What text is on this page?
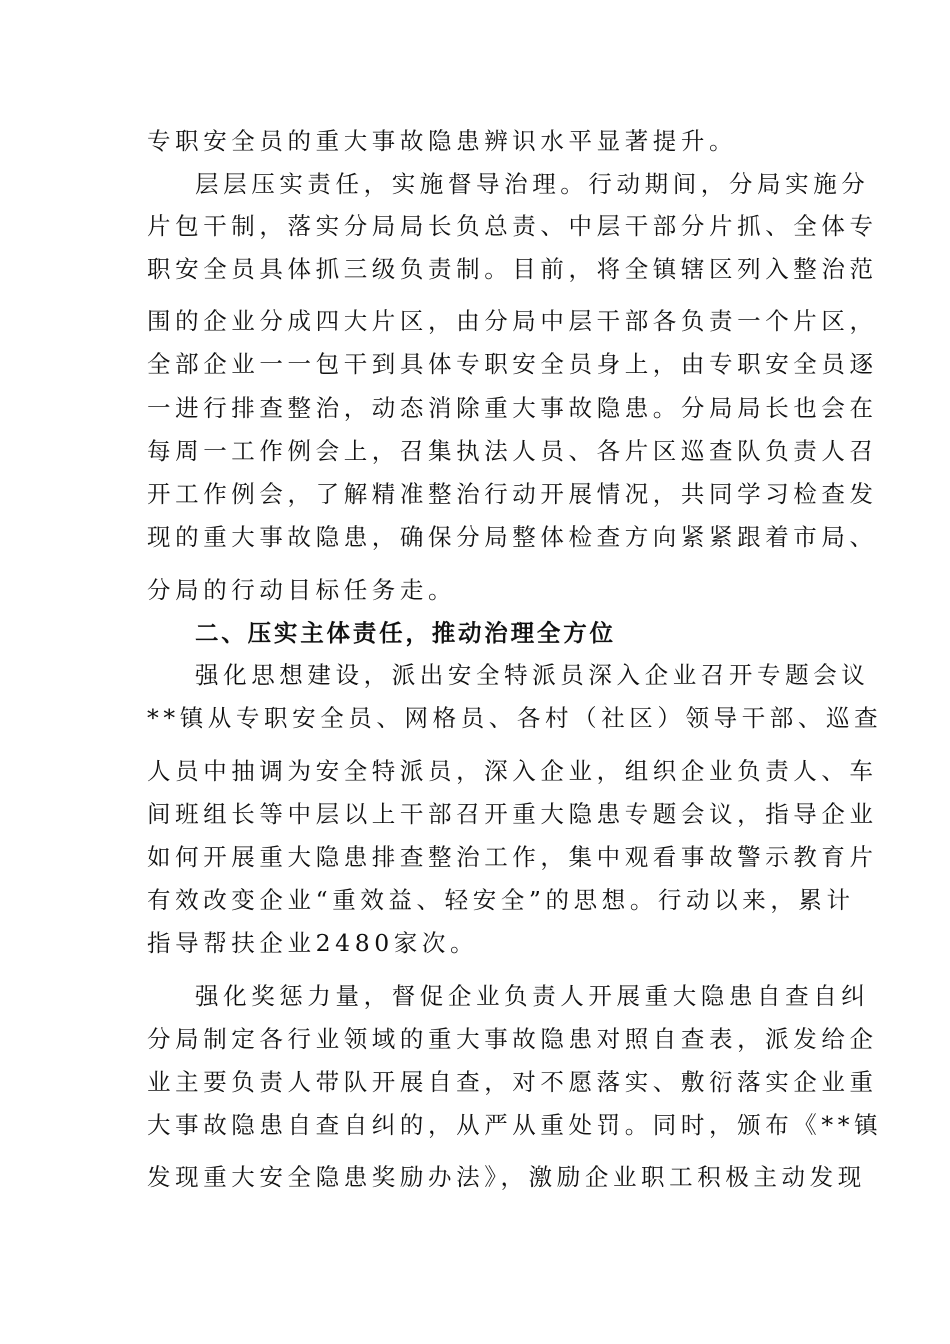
专职安全员的重大事故隐患辨识水平显著提升。
层层压实责任，实施督导治理。行动期间，分局实施分
片包干制，落实分局局长负总责、中层干部分片抓、全体专
职安全员具体抓三级负责制。目前，将全镇辖区列入整治范
围的企业分成四大片区，由分局中层干部各负责一个片区，
全部企业一一包干到具体专职安全员身上，由专职安全员逐
一进行排查整治，动态消除重大事故隐患。分局局长也会在
每周一工作例会上，召集执法人员、各片区巡查队负责人召
开工作例会，了解精准整治行动开展情况，共同学习检查发
现的重大事故隐患，确保分局整体检查方向紧紧跟着市局、
分局的行动目标任务走。
二、压实主体责任，推动治理全方位
强化思想建设，派出安全特派员深入企业召开专题会议
**镇从专职安全员、网格员、各村（社区）领导干部、巡查
人员中抽调为安全特派员，深入企业，组织企业负责人、车
间班组长等中层以上干部召开重大隐患专题会议，指导企业
如何开展重大隐患排查整治工作，集中观看事故警示教育片
有效改变企业“重效益、轻安全”的思想。行动以来，累计
指导帮扶企业2480家次。
强化奖惩力量，督促企业负责人开展重大隐患自查自纠
分局制定各行业领域的重大事故隐患对照自查表，派发给企
业主要负责人带队开展自查，对不愿落实、敷衍落实企业重
大事故隐患自查自纠的，从严从重处罚。同时，颁布《**镇
发现重大安全隐患奖励办法》，激励企业职工积极主动发现
